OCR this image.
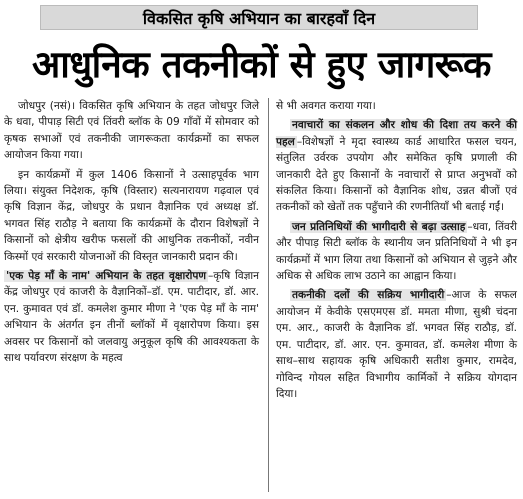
विकसित कृषि अभियान का बारहवाँ दिन
आधुनिक तकनीकों से हुए जागरूक

जोधपुर (नसं)। विकसित कृषि अभियान के तहत जोधपुर जिले के धवा, पीपाड़ सिटी एवं तिंवरी ब्लॉक के 09 गाँवों में सोमवार को कृषक सभाओं एवं तकनीकी जागरूकता कार्यक्रमों का सफल आयोजन किया गया।

इन कार्यक्रमों में कुल 1406 किसानों ने उत्साहपूर्वक भाग लिया। संयुक्त निदेशक, कृषि (विस्तार) सत्यनारायण गढ़वाल एवं कृषि विज्ञान केंद्र, जोधपुर के प्रधान वैज्ञानिक एवं अध्यक्ष डॉ. भगवत सिंह राठौड़ ने बताया कि कार्यक्रमों के दौरान विशेषज्ञों ने किसानों को क्षेत्रीय खरीफ फसलों की आधुनिक तकनीकों, नवीन किस्मों एवं सरकारी योजनाओं की विस्तृत जानकारी प्रदान की।

'एक पेड़ माँ के नाम' अभियान के तहत वृक्षारोपण –कृषि विज्ञान केंद्र जोधपुर एवं काजरी के वैज्ञानिकों–डॉ. एम. पाटीदार, डॉ. आर. एन. कुमावत एवं डॉ. कमलेश कुमार मीणा ने 'एक पेड़ माँ के नाम' अभियान के अंतर्गत इन तीनों ब्लॉकों में वृक्षारोपण किया। इस अवसर पर किसानों को जलवायु अनुकूल कृषि की आवश्यकता के साथ पर्यावरण संरक्षण के महत्व

से भी अवगत कराया गया।

नवाचारों का संकलन और शोध की दिशा तय करने की पहल –विशेषज्ञों ने मृदा स्वास्थ्य कार्ड आधारित फसल चयन, संतुलित उर्वरक उपयोग और समेकित कृषि प्रणाली की जानकारी देते हुए किसानों के नवाचारों से प्राप्त अनुभवों को संकलित किया। किसानों को वैज्ञानिक शोध, उन्नत बीजों एवं तकनीकों को खेतों तक पहुँचाने की रणनीतियाँ भी बताई गईं।

जन प्रतिनिधियों की भागीदारी से बढ़ा उत्साह –धवा, तिंवरी और पीपाड़ सिटी ब्लॉक के स्थानीय जन प्रतिनिधियों ने भी इन कार्यक्रमों में भाग लिया तथा किसानों को अभियान से जुड़ने और अधिक से अधिक लाभ उठाने का आह्वान किया।

तकनीकी दलों की सक्रिय भागीदारी –आज के सफल आयोजन में केवीके एसएमएस डॉ. ममता मीणा, सुश्री चंदना एम. आर., काजरी के वैज्ञानिक डॉ. भगवत सिंह राठौड़, डॉ. एम. पाटीदार, डॉ. आर. एन. कुमावत, डॉ. कमलेश मीणा के साथ–साथ सहायक कृषि अधिकारी सतीश कुमार, रामदेव, गोविन्द गोयल सहित विभागीय कार्मिकों ने सक्रिय योगदान दिया।
